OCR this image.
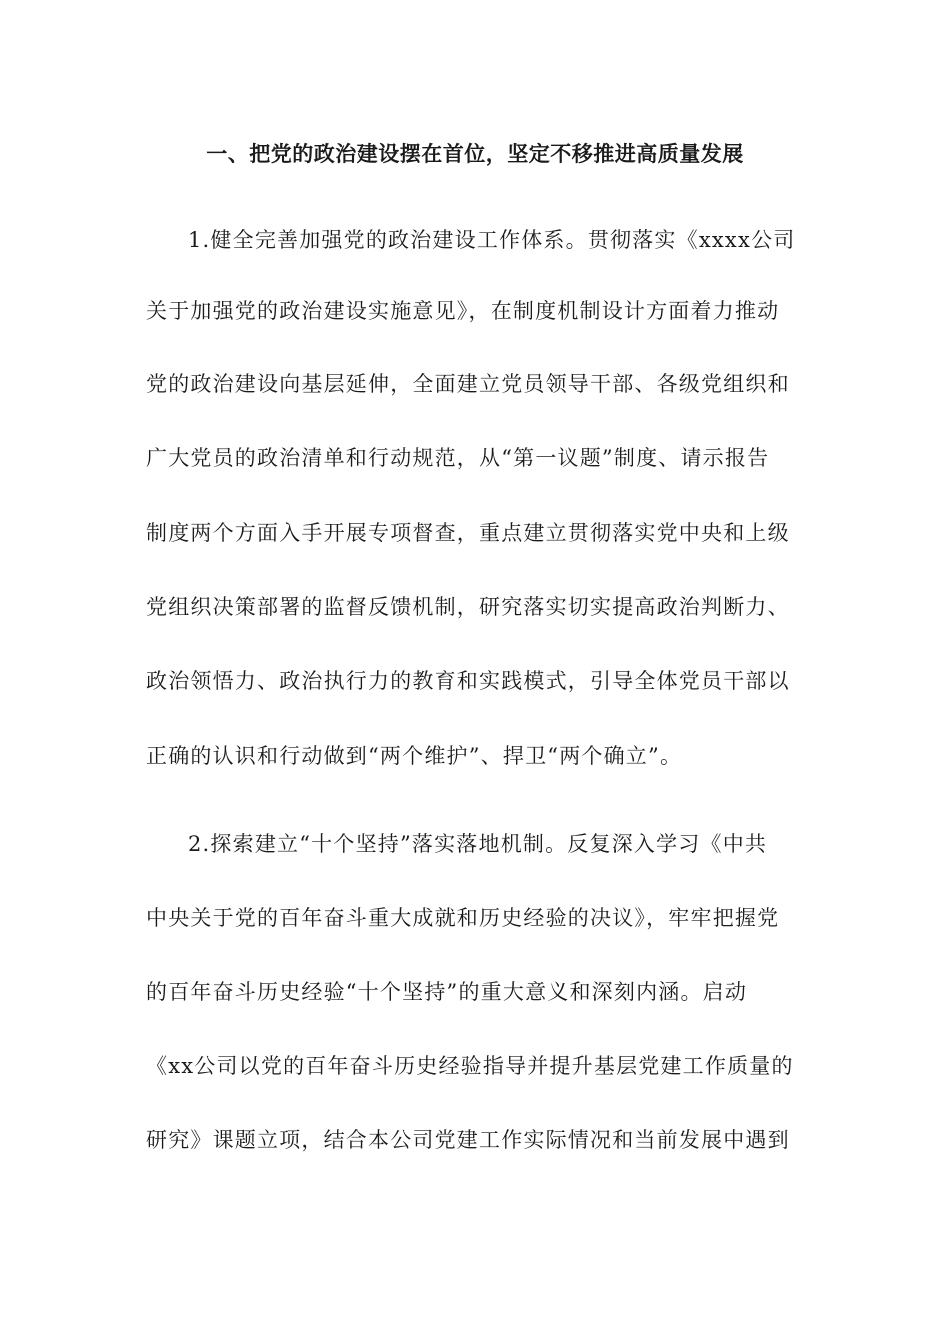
一、把党的政治建设摆在首位，坚定不移推进高质量发展
1.健全完善加强党的政治建设工作体系。贯彻落实《xxxx公司
关于加强党的政治建设实施意见》，在制度机制设计方面着力推动
党的政治建设向基层延伸，全面建立党员领导干部、各级党组织和
广大党员的政治清单和行动规范，从“第一议题”制度、请示报告
制度两个方面入手开展专项督查，重点建立贯彻落实党中央和上级
党组织决策部署的监督反馈机制，研究落实切实提高政治判断力、
政治领悟力、政治执行力的教育和实践模式，引导全体党员干部以
正确的认识和行动做到“两个维护”、捍卫“两个确立”。
2.探索建立“十个坚持”落实落地机制。反复深入学习《中共
中央关于党的百年奋斗重大成就和历史经验的决议》，牢牢把握党
的百年奋斗历史经验“十个坚持”的重大意义和深刻内涵。启动
《xx公司以党的百年奋斗历史经验指导并提升基层党建工作质量的
研究》课题立项，结合本公司党建工作实际情况和当前发展中遇到
